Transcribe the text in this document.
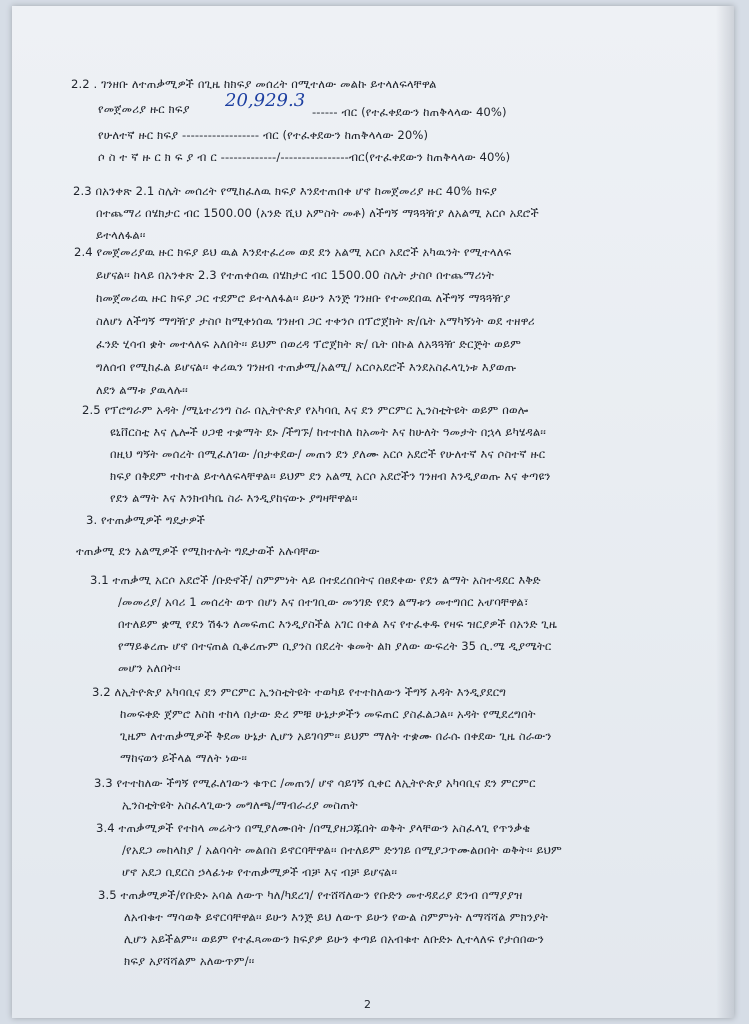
2.2 . ገንዘቡ ለተጠቃሚዎች በጊዜ ከክፍያ መሰረት በሚተለው መልኩ ይተላለፍላቸዋል
የመጀመሪያ ዙር ክፍያ 20,929.3
------ ብር (የተፈቀደውን ከጠቅላላው 40%)
የሁለተኛ ዙር ክፍያ ------------------ ብር (የተፈቀደውን ከጠቅላላው 20%)
ሶ ስ ተ ኛ ዙ ር ክ ፍ ያ ብ ር -------------/----------------ብር(የተፈቀደውን ከጠቅላላው 40%)
2.3 በአንቀጽ 2.1 ስሌት መሰረት የሚከፈለዉ ክፍያ እንደተጠበቀ ሆኖ ከመጀመሪያ ዙር 40% ክፍያ
በተጨማሪ በሄክታር ብር 1500.00 (አንድ ሺህ አምስት መቶ) ለችግኝ ማጓጓዥያ ለአልሚ አርሶ አደሮች
ይተላለፋል፡፡
2.4 የመጀመሪያዉ ዙር ክፍያ ይህ ዉል እንደተፈረመ ወደ ደን አልሚ አርሶ አደሮች አካዉንት የሚተላለፍ
ይሆናል፡፡ ከላይ በአንቀጽ 2.3 የተጠቀሰዉ በሄክታር ብር 1500.00 ስሌት ታስቦ በተጨማሪነት
ከመጀመሪዉ ዙር ክፍያ ጋር ተደምሮ ይተላለፋል፡፡ ይሁን እንጅ ገንዘቡ የተመደበዉ ለችግኝ ማጓጓዥያ
ስለሆነ ለችግኝ ማግዥያ ታስቦ ከሚቀነሰዉ ገንዘብ ጋር ተቀንሶ በፕሮጀክት ጽ/ቤት አማካኝነት ወደ ተዘዋሪ
ፈንድ ሂሳብ ቋት መተላለፍ አለበት፡፡ ይህም በወረዳ ፕሮጀክት ጽ/ ቤት በኩል ለአጓጓዥ ድርጅት ወይም
ግለሰብ የሚከፈል ይሆናል፡፡ ቀሪዉን ገንዘብ ተጠቃሚ/አልሚ/ አርሶአደሮች እንደአስፈላጊነቱ እያወጡ
ለደን ልማቱ ያዉላሉ፡፡
2.5 የፕሮግራም አዳት /ሚኒተሪንግ ስራ በኢትዮጵያ የአካባቢ እና ደን ምርምር ኢንስቲትዩት ወይም በወሎ
ዩኒቨርስቲ እና ሌሎች ሀጋዊ ተቋማት ደኑ /ችግኙ/ ከተተከለ ከአመት እና ከሁለት ዓመታት በኋላ ይካሄዳል፡፡
በዚህ ግኝት መሰረት በሚፈለገው /በታቀደው/ መጠን ደን ያለሙ አርሶ አደሮች የሁለተኛ እና ሶስተኛ ዙር
ክፍያ በቅደም ተከተል ይተላለፍላቸዋል፡፡ ይህም ደን አልሚ አርሶ አደሮችን ገንዘብ እንዲያወጡ እና ቀጣዩን
የደን ልማት እና እንክብካቤ ስራ እንዲያከናውኑ ያግዛቸዋል፡፡
3. የተጠቃሚዎች ግዴታዎች
ተጠቃሚ ደን አልሚዎች የሚከተሉት ግዴታወች አሉባቸው
3.1 ተጠቃሚ አርሶ አደሮች /ቡድኖች/ ስምምነት ላይ በተደረሰበትና በፀደቀው የደን ልማት አስተዳደር እቅድ
/መመሪያ/ አባሪ 1 መሰረት ወጥ በሆነ እና በተገቢው መንገድ የደን ልማቱን መተግበር አሇባቸዋል፣
በተለይም ቋሚ የደን ሽፋን ለመፍጠር እንዲያስችል አገር በቀል እና የተፈቀዱ የዛፍ ዝርያዎች በአንድ ጊዜ
የማይቆረጡ ሆኖ በተናጠል ሲቆረጡም ቢያንስ በደረት ቁመት ልክ ያለው ውፍረት 35 ሲ.ሜ ዲያሜትር
መሆን አለበት፡፡
3.2 ለኢትዮጵያ አካባቢና ደን ምርምር ኢንስቲትዩት ተወካይ የተተከለውን ችግኝ አዳት እንዲያደርግ
ከመፍቀድ ጀምሮ እስከ ተከላ በታው ድረ ምቹ ሁኔታዎችን መፍጠር ያስፈልጋል፡፡ አዳት የሚደረግበት
ጊዜም ለተጠቃሚዎች ቅደመ ሁኔታ ሊሆን አይገባም፡፡ ይህም ማለት ተቋሙ በራሱ በቀደው ጊዜ ስራውን
ማከናወን ይችላል ማለት ነው፡፡
3.3 የተተከለው ችግኝ የሚፈለገውን ቁጥር /መጠን/ ሆኖ ሳይገኝ ሲቀር ለኢትዮጵያ አካባቢና ደን ምርምር
ኢንስቲትዩት አስፈላጊውን መግለጫ/ማብራሪያ መስጠት
3.4 ተጠቃሚዎች የተከላ መሬትን በሚያለሙበት /በሚያዘጋጁበት ወቅት ያላቸውን አስፈላጊ የጥንቃቄ
/የአደጋ መከላከያ / አልባሳት መልበስ ይኖርባቸዋል፡፡ በተለይም ድንገይ በሚያጋጥሙልዐበት ወቅት፡፡ ይህም
ሆኖ አደጋ ቢደርስ ኃላፊነቱ የተጠቃሚዎች ብቻ እና ብቻ ይሆናል፡፡
3.5 ተጠቃሚዎች/የቡድኑ አባል ለውጥ ካለ/ካደረገ/ የተሸሻለውን የቡድን መተዳደሪያ ደንብ በማያያዝ
ለአብቁተ ማሳወቅ ይኖርባቸዋል፡፡ ይሁን እንጅ ይህ ለውጥ ይሁን የውል ስምምነት ለማሻሻል ምክንያት
ሊሆን አይችልም፡፡ ወይም የተፈጻመውን ክፍያዎ ይሁን ቀጣይ በአብቁተ ለቡድኑ ሊተላለፍ የታሰበውን
ክፍያ አያሻሻልም አለውጥም/፡፡
2
